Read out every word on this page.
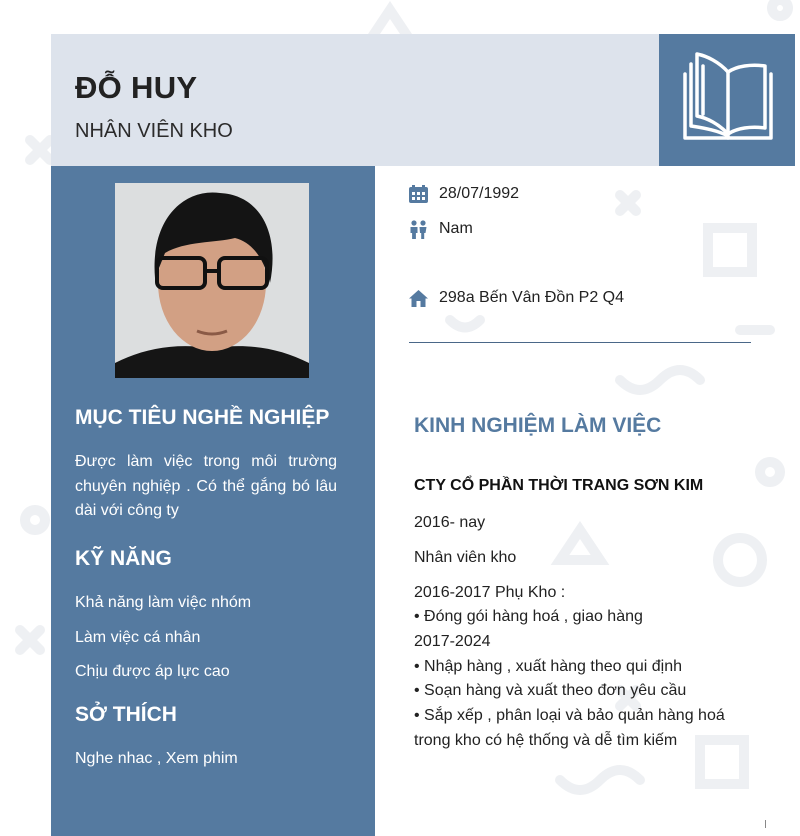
ĐỖ HUY
NHÂN VIÊN KHO
MỤC TIÊU NGHỀ NGHIỆP
Được làm việc trong môi trường chuyên nghiệp . Có thể gắng bó lâu dài với công ty
KỸ NĂNG
Khả năng làm việc nhóm
Làm việc cá nhân
Chịu được áp lực cao
SỞ THÍCH
Nghe nhac , Xem phim
28/07/1992
Nam
298a Bến Vân Đồn P2 Q4
KINH NGHIỆM LÀM VIỆC
CTY CỔ PHẦN THỜI TRANG SƠN KIM
2016- nay
Nhân viên kho
2016-2017 Phụ Kho :
• Đóng gói hàng hoá , giao hàng
2017-2024
• Nhập hàng , xuất hàng theo qui định
• Soạn hàng và xuất theo đơn yêu cầu
• Sắp xếp , phân loại và bảo quản hàng hoá
trong kho có hệ thống và dễ tìm kiếm
